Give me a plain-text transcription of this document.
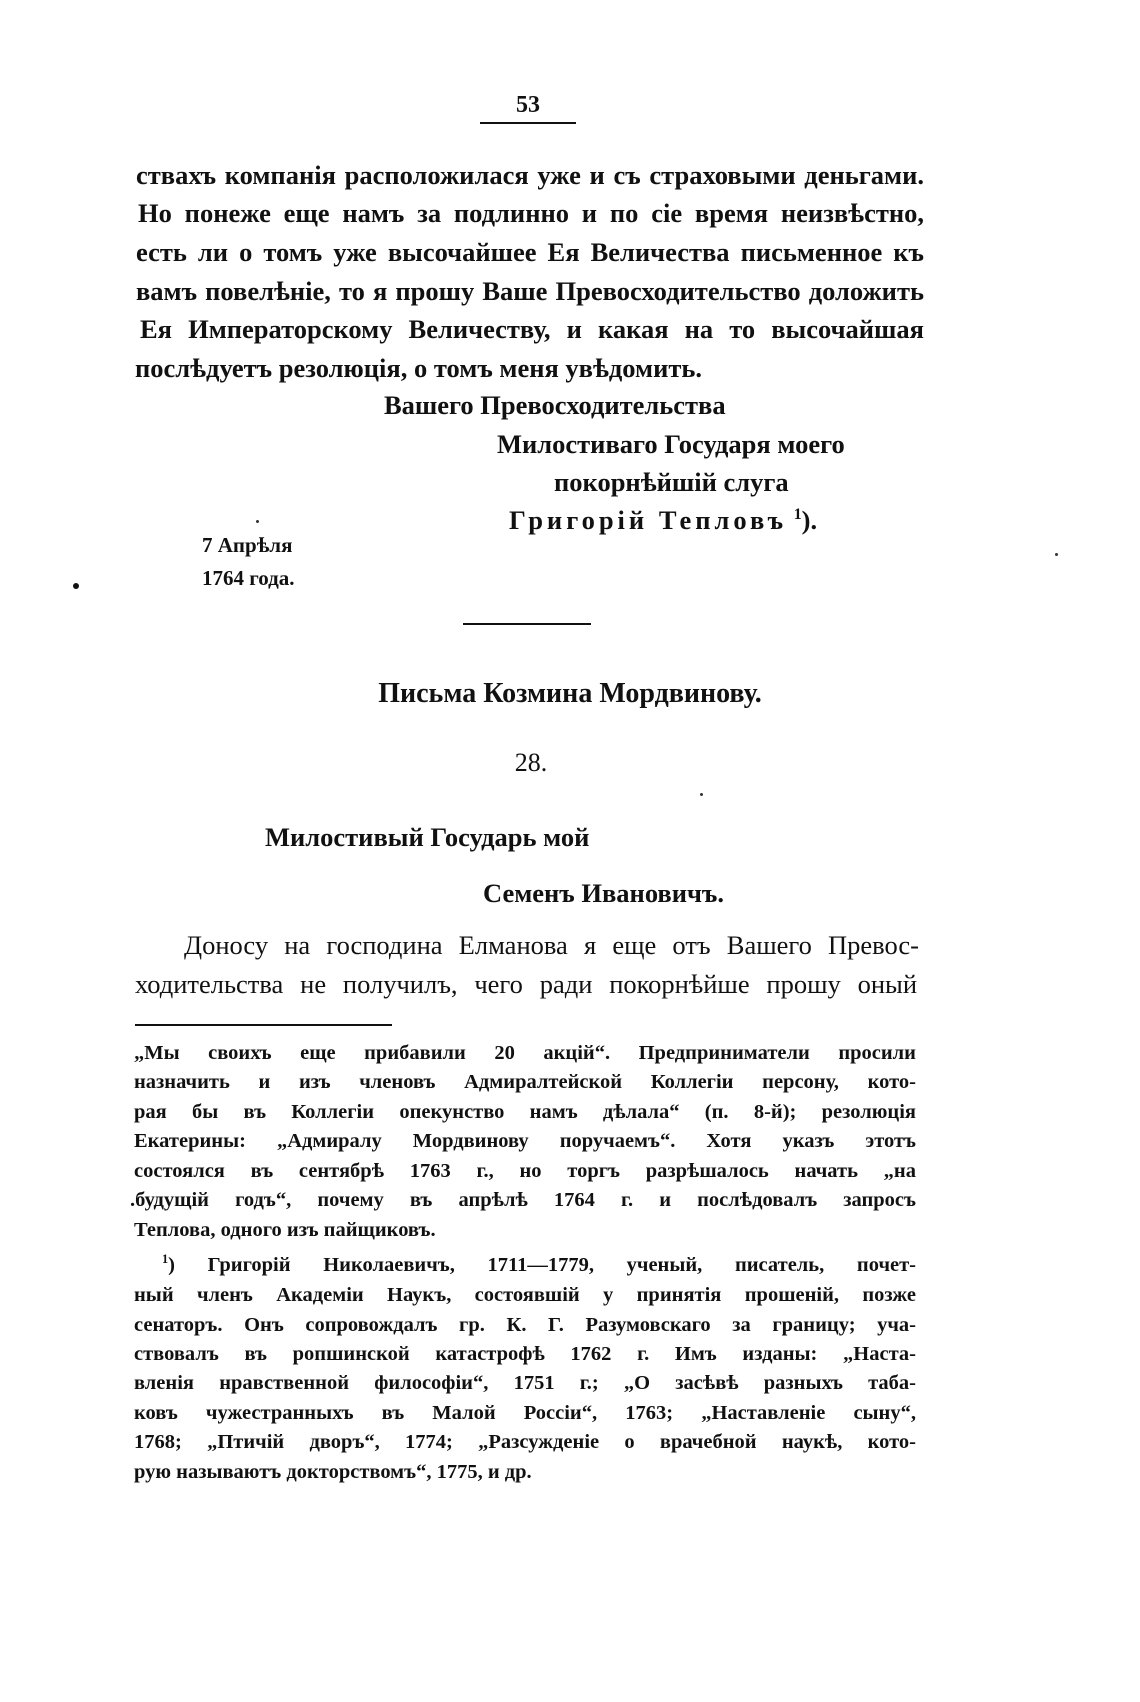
53
ствахъ компанія расположилася уже и съ страховыми деньгами.
Но понеже еще намъ за подлинно и по сіе время неизвѣстно,
есть ли о томъ уже высочайшее Ея Величества письменное къ
вамъ повелѣніе, то я прошу Ваше Превосходительство доложить
Ея Императорскому Величеству, и какая на то высочайшая
послѣдуетъ резолюція, о томъ меня увѣдомить.
Вашего Превосходительства
Милостиваго Государя моего
покорнѣйшій слуга
Григорій Тепловъ $^1$).
7 Апрѣля
1764 года.
Письма Козмина Мордвинову.
28.
Милостивый Государь мой
Семенъ Ивановичъ.
Доносу на господина Елманова я еще отъ Вашего Превос-
ходительства не получилъ, чего ради покорнѣйше прошу оный
„Мы своихъ еще прибавили 20 акцій“. Предприниматели просили
назначить и изъ членовъ Адмиралтейской Коллегіи персону, кото-
рая бы въ Коллегіи опекунство намъ дѣлала“ (п. 8-й); резолюція
Екатерины: „Адмиралу Мордвинову поручаемъ“. Хотя указъ этотъ
состоялся въ сентябрѣ 1763 г., но торгъ разрѣшалось начать „на
.будущій годъ“, почему въ апрѣлѣ 1764 г. и послѣдовалъ запросъ
Теплова, одного изъ пайщиковъ.
$^1$) Григорій Николаевичъ, 1711—1779, ученый, писатель, почет-
ный членъ Академіи Наукъ, состоявшій у принятія прошеній, позже
сенаторъ. Онъ сопровождалъ гр. К. Г. Разумовскаго за границу; уча-
ствовалъ въ ропшинской катастрофѣ 1762 г. Имъ изданы: „Наста-
вленія нравственной философіи“, 1751 г.; „О засѣвѣ разныхъ таба-
ковъ чужестранныхъ въ Малой Россіи“, 1763; „Наставленіе сыну“,
1768; „Птичій дворъ“, 1774; „Разсужденіе о врачебной наукѣ, кото-
рую называютъ докторствомъ“, 1775, и др.
